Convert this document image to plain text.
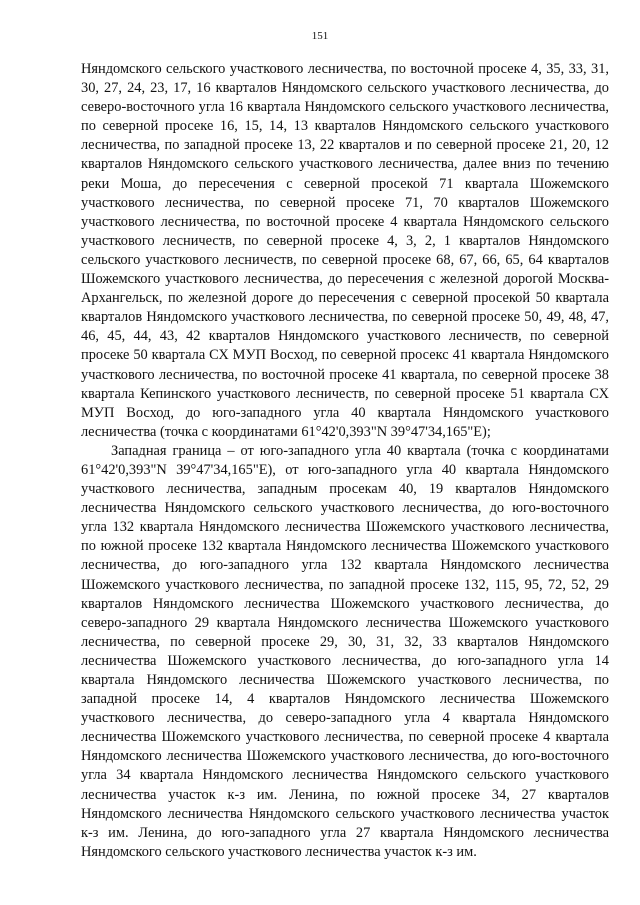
151

Няндомского сельского участкового лесничества, по восточной просеке 4, 35, 33, 31, 30, 27, 24, 23, 17, 16 кварталов Няндомского сельского участкового лесничества, до северо-восточного угла 16 квартала Няндомского сельского участкового лесничества, по северной просеке 16, 15, 14, 13 кварталов Няндомского сельского участкового лесничества, по западной просеке 13, 22 кварталов и по северной просеке 21, 20, 12 кварталов Няндомского сельского участкового лесничества, далее вниз по течению реки Моша, до пересечения с северной просекой 71 квартала Шожемского участкового лесничества, по северной просеке 71, 70 кварталов Шожемского участкового лесничества, по восточной просеке 4 квартала Няндомского сельского участкового лесничеств, по северной просеке 4, 3, 2, 1 кварталов Няндомского сельского участкового лесничеств, по северной просеке 68, 67, 66, 65, 64 кварталов Шожемского участкового лесничества, до пересечения с железной дорогой Москва-Архангельск, по железной дороге до пересечения с северной просекой 50 квартала кварталов Няндомского участкового лесничества, по северной просеке 50, 49, 48, 47, 46, 45, 44, 43, 42 кварталов Няндомского участкового лесничеств, по северной просеке 50 квартала СХ МУП Восход, по северной просекс 41 квартала Няндомского участкового лесничества, по восточной просеке 41 квартала, по северной просеке 38 квартала Кепинского участкового лесничеств, по северной просеке 51 квартала СХ МУП Восход, до юго-западного угла 40 квартала Няндомского участкового лесничества (точка с координатами 61°42'0,393"N 39°47'34,165"E);

Западная граница – от юго-западного угла 40 квартала (точка с координатами 61°42'0,393"N 39°47'34,165"E), от юго-западного угла 40 квартала Няндомского участкового лесничества, западным просекам 40, 19 кварталов Няндомского лесничества Няндомского сельского участкового лесничества, до юго-восточного угла 132 квартала Няндомского лесничества Шожемского участкового лесничества, по южной просеке 132 квартала Няндомского лесничества Шожемского участкового лесничества, до юго-западного угла 132 квартала Няндомского лесничества Шожемского участкового лесничества, по западной просеке 132, 115, 95, 72, 52, 29 кварталов Няндомского лесничества Шожемского участкового лесничества, до северо-западного 29 квартала Няндомского лесничества Шожемского участкового лесничества, по северной просеке 29, 30, 31, 32, 33 кварталов Няндомского лесничества Шожемского участкового лесничества, до юго-западного угла 14 квартала Няндомского лесничества Шожемского участкового лесничества, по западной просеке 14, 4 кварталов Няндомского лесничества Шожемского участкового лесничества, до северо-западного угла 4 квартала Няндомского лесничества Шожемского участкового лесничества, по северной просеке 4 квартала Няндомского лесничества Шожемского участкового лесничества, до юго-восточного угла 34 квартала Няндомского лесничества Няндомского сельского участкового лесничества участок к-з им. Ленина, по южной просеке 34, 27 кварталов Няндомского лесничества Няндомского сельского участкового лесничества участок к-з им. Ленина, до юго-западного угла 27 квартала Няндомского лесничества Няндомского сельского участкового лесничества участок к-з им.
